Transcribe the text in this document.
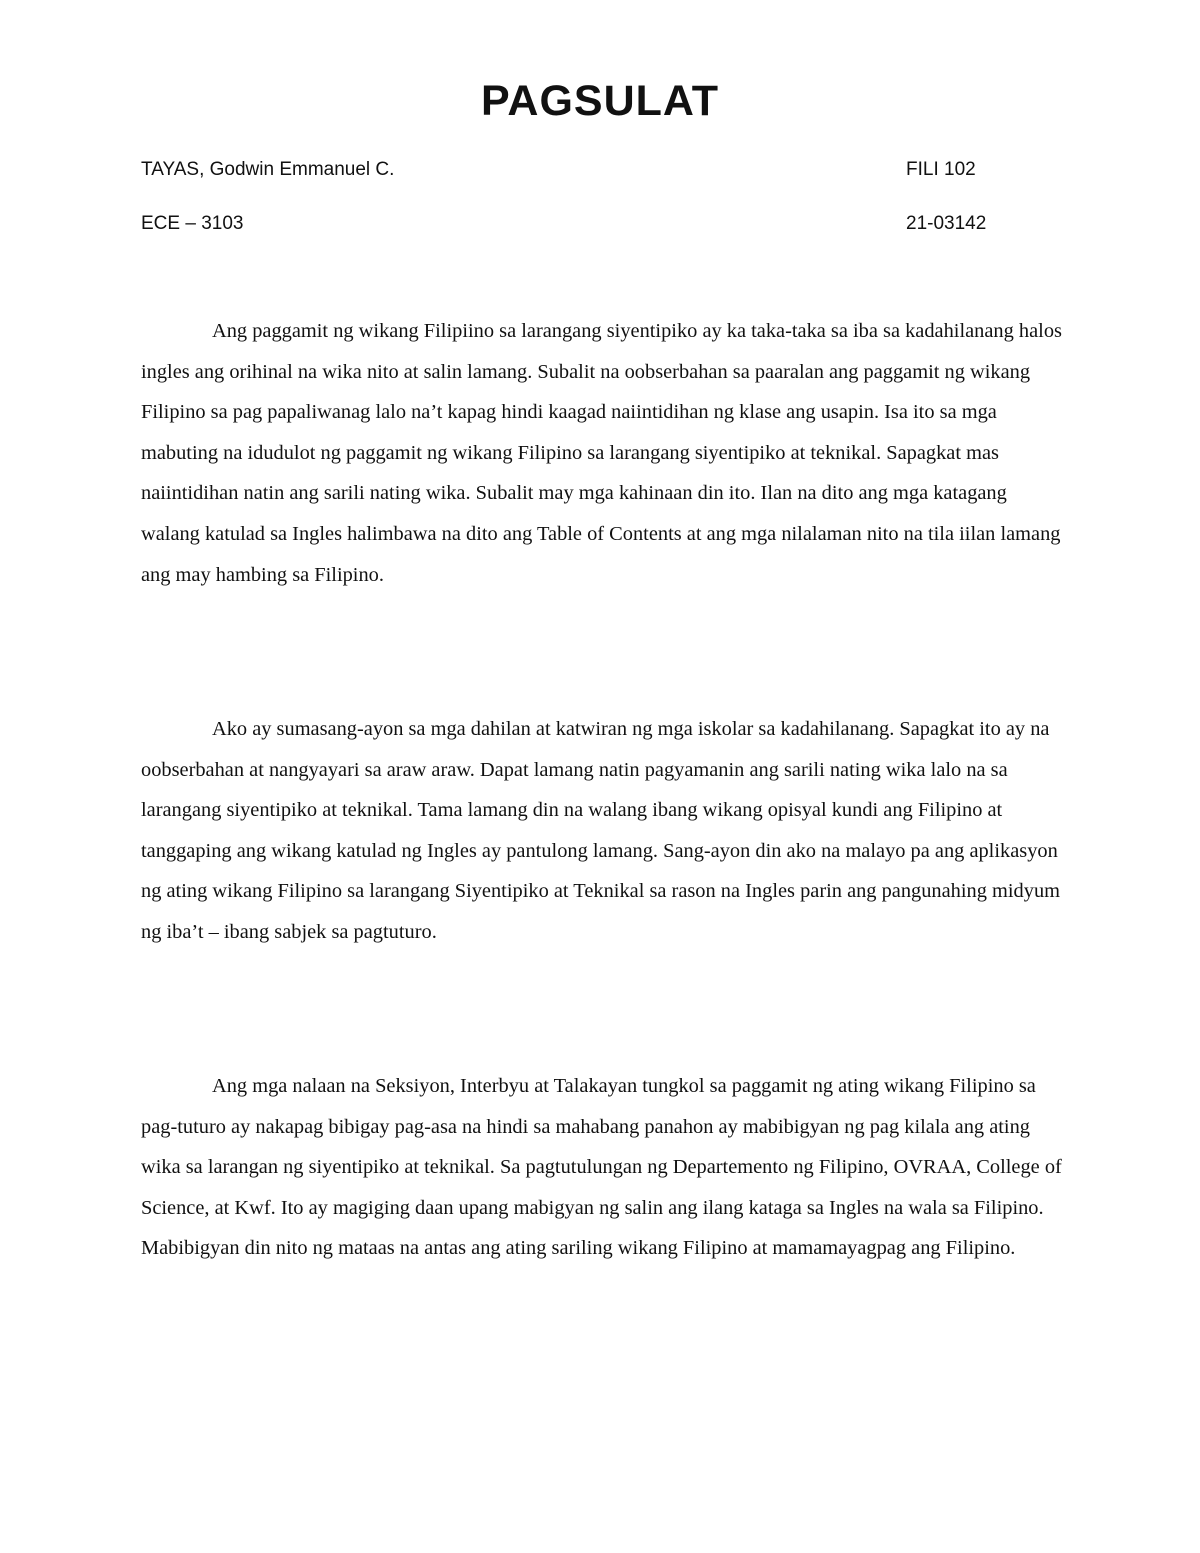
PAGSULAT
TAYAS, Godwin Emmanuel C.	FILI 102
ECE – 3103	21-03142

Ang paggamit ng wikang Filipiino sa larangang siyentipiko ay ka taka-taka sa iba sa kadahilanang halos ingles ang orihinal na wika nito at salin lamang. Subalit na oobserbahan sa paaralan ang paggamit ng wikang Filipino sa pag papaliwanag lalo na’t kapag hindi kaagad naiintidihan ng klase ang usapin. Isa ito sa mga mabuting na idudulot ng paggamit ng wikang Filipino sa larangang siyentipiko at teknikal. Sapagkat mas naiintidihan natin ang sarili nating wika. Subalit may mga kahinaan din ito. Ilan na dito ang mga katagang walang katulad sa Ingles halimbawa na dito ang Table of Contents at ang mga nilalaman nito na tila iilan lamang ang may hambing sa Filipino.

Ako ay sumasang-ayon sa mga dahilan at katwiran ng mga iskolar sa kadahilanang. Sapagkat ito ay na oobserbahan at nangyayari sa araw araw. Dapat lamang natin pagyamanin ang sarili nating wika lalo na sa larangang siyentipiko at teknikal. Tama lamang din na walang ibang wikang opisyal kundi ang Filipino at tanggaping ang wikang katulad ng Ingles ay pantulong lamang. Sang-ayon din ako na malayo pa ang aplikasyon ng ating wikang Filipino sa larangang Siyentipiko at Teknikal sa rason na Ingles parin ang pangunahing midyum ng iba’t – ibang sabjek sa pagtuturo.

Ang mga nalaan na Seksiyon, Interbyu at Talakayan tungkol sa paggamit ng ating wikang Filipino sa pag-tuturo ay nakapag bibigay pag-asa na hindi sa mahabang panahon ay mabibigyan ng pag kilala ang ating wika sa larangan ng siyentipiko at teknikal. Sa pagtutulungan ng Departemento ng Filipino, OVRAA, College of Science, at Kwf. Ito ay magiging daan upang mabigyan ng salin ang ilang kataga sa Ingles na wala sa Filipino. Mabibigyan din nito ng mataas na antas ang ating sariling wikang Filipino at mamamayagpag ang Filipino.
